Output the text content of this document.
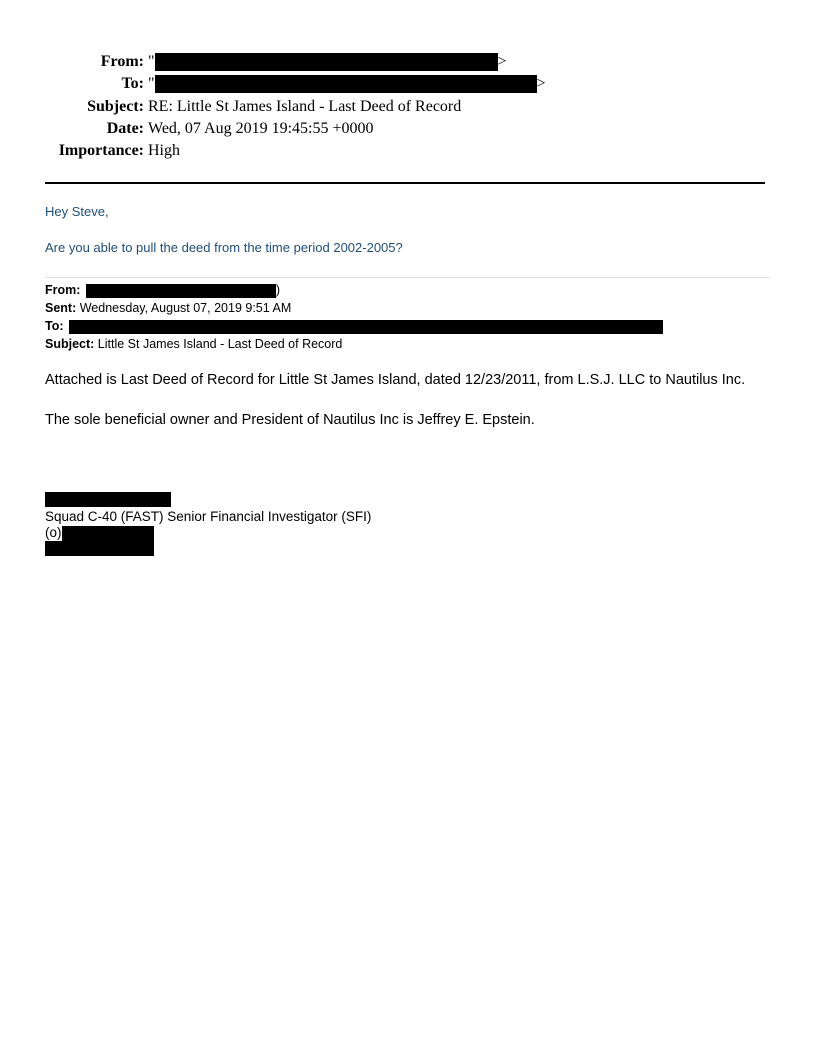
From: "	>
To: "	>
Subject: RE: Little St James Island - Last Deed of Record
Date: Wed, 07 Aug 2019 19:45:55 +0000
Importance: High
Hey Steve,
Are you able to pull the deed from the time period 2002-2005?
From:	)
Sent: Wednesday, August 07, 2019 9:51 AM
To:
Subject: Little St James Island - Last Deed of Record
Attached is Last Deed of Record for Little St James Island, dated 12/23/2011, from L.S.J. LLC to Nautilus Inc.
The sole beneficial owner and President of Nautilus Inc is Jeffrey E. Epstein.
Squad C-40 (FAST) Senior Financial Investigator (SFI)
(o)
